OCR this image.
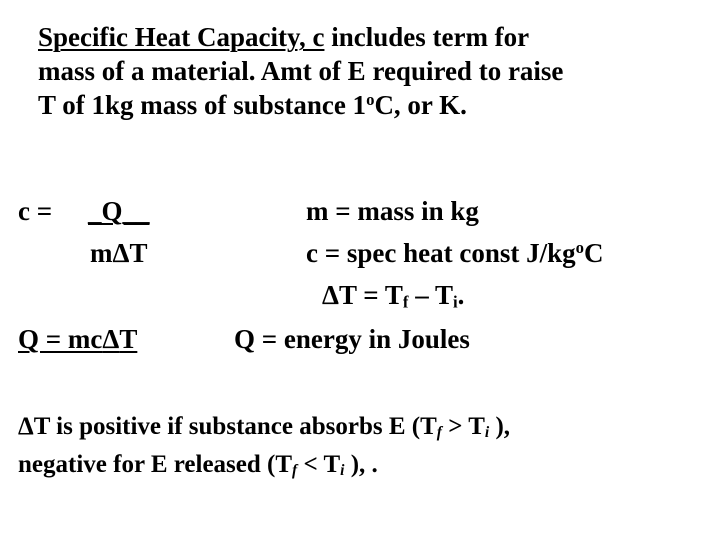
Specific Heat Capacity, c includes term for
mass of a material. Amt of E required to raise
T of 1kg mass of substance 1$^o$C, or K.
c = _Q__
mΔT
Q = mcΔT
m = mass in kg
c = spec heat const $J/kg^oC$
$\Delta T = T_f - T_i$.
Q = energy in Joules
ΔT is positive if substance absorbs E ($T_f > T_i$ ),
negative for E released ($T_f < T_i$ ), .
